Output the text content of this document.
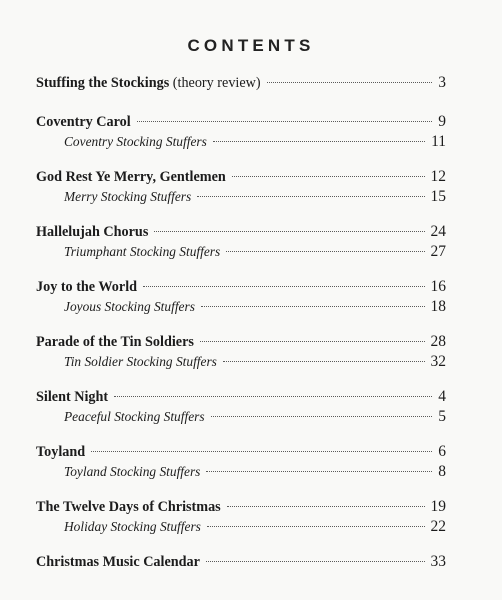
CONTENTS
Stuffing the Stockings (theory review)	3
Coventry Carol	9
Coventry Stocking Stuffers	11
God Rest Ye Merry, Gentlemen	12
Merry Stocking Stuffers	15
Hallelujah Chorus	24
Triumphant Stocking Stuffers	27
Joy to the World	16
Joyous Stocking Stuffers	18
Parade of the Tin Soldiers	28
Tin Soldier Stocking Stuffers	32
Silent Night	4
Peaceful Stocking Stuffers	5
Toyland	6
Toyland Stocking Stuffers	8
The Twelve Days of Christmas	19
Holiday Stocking Stuffers	22
Christmas Music Calendar	33
